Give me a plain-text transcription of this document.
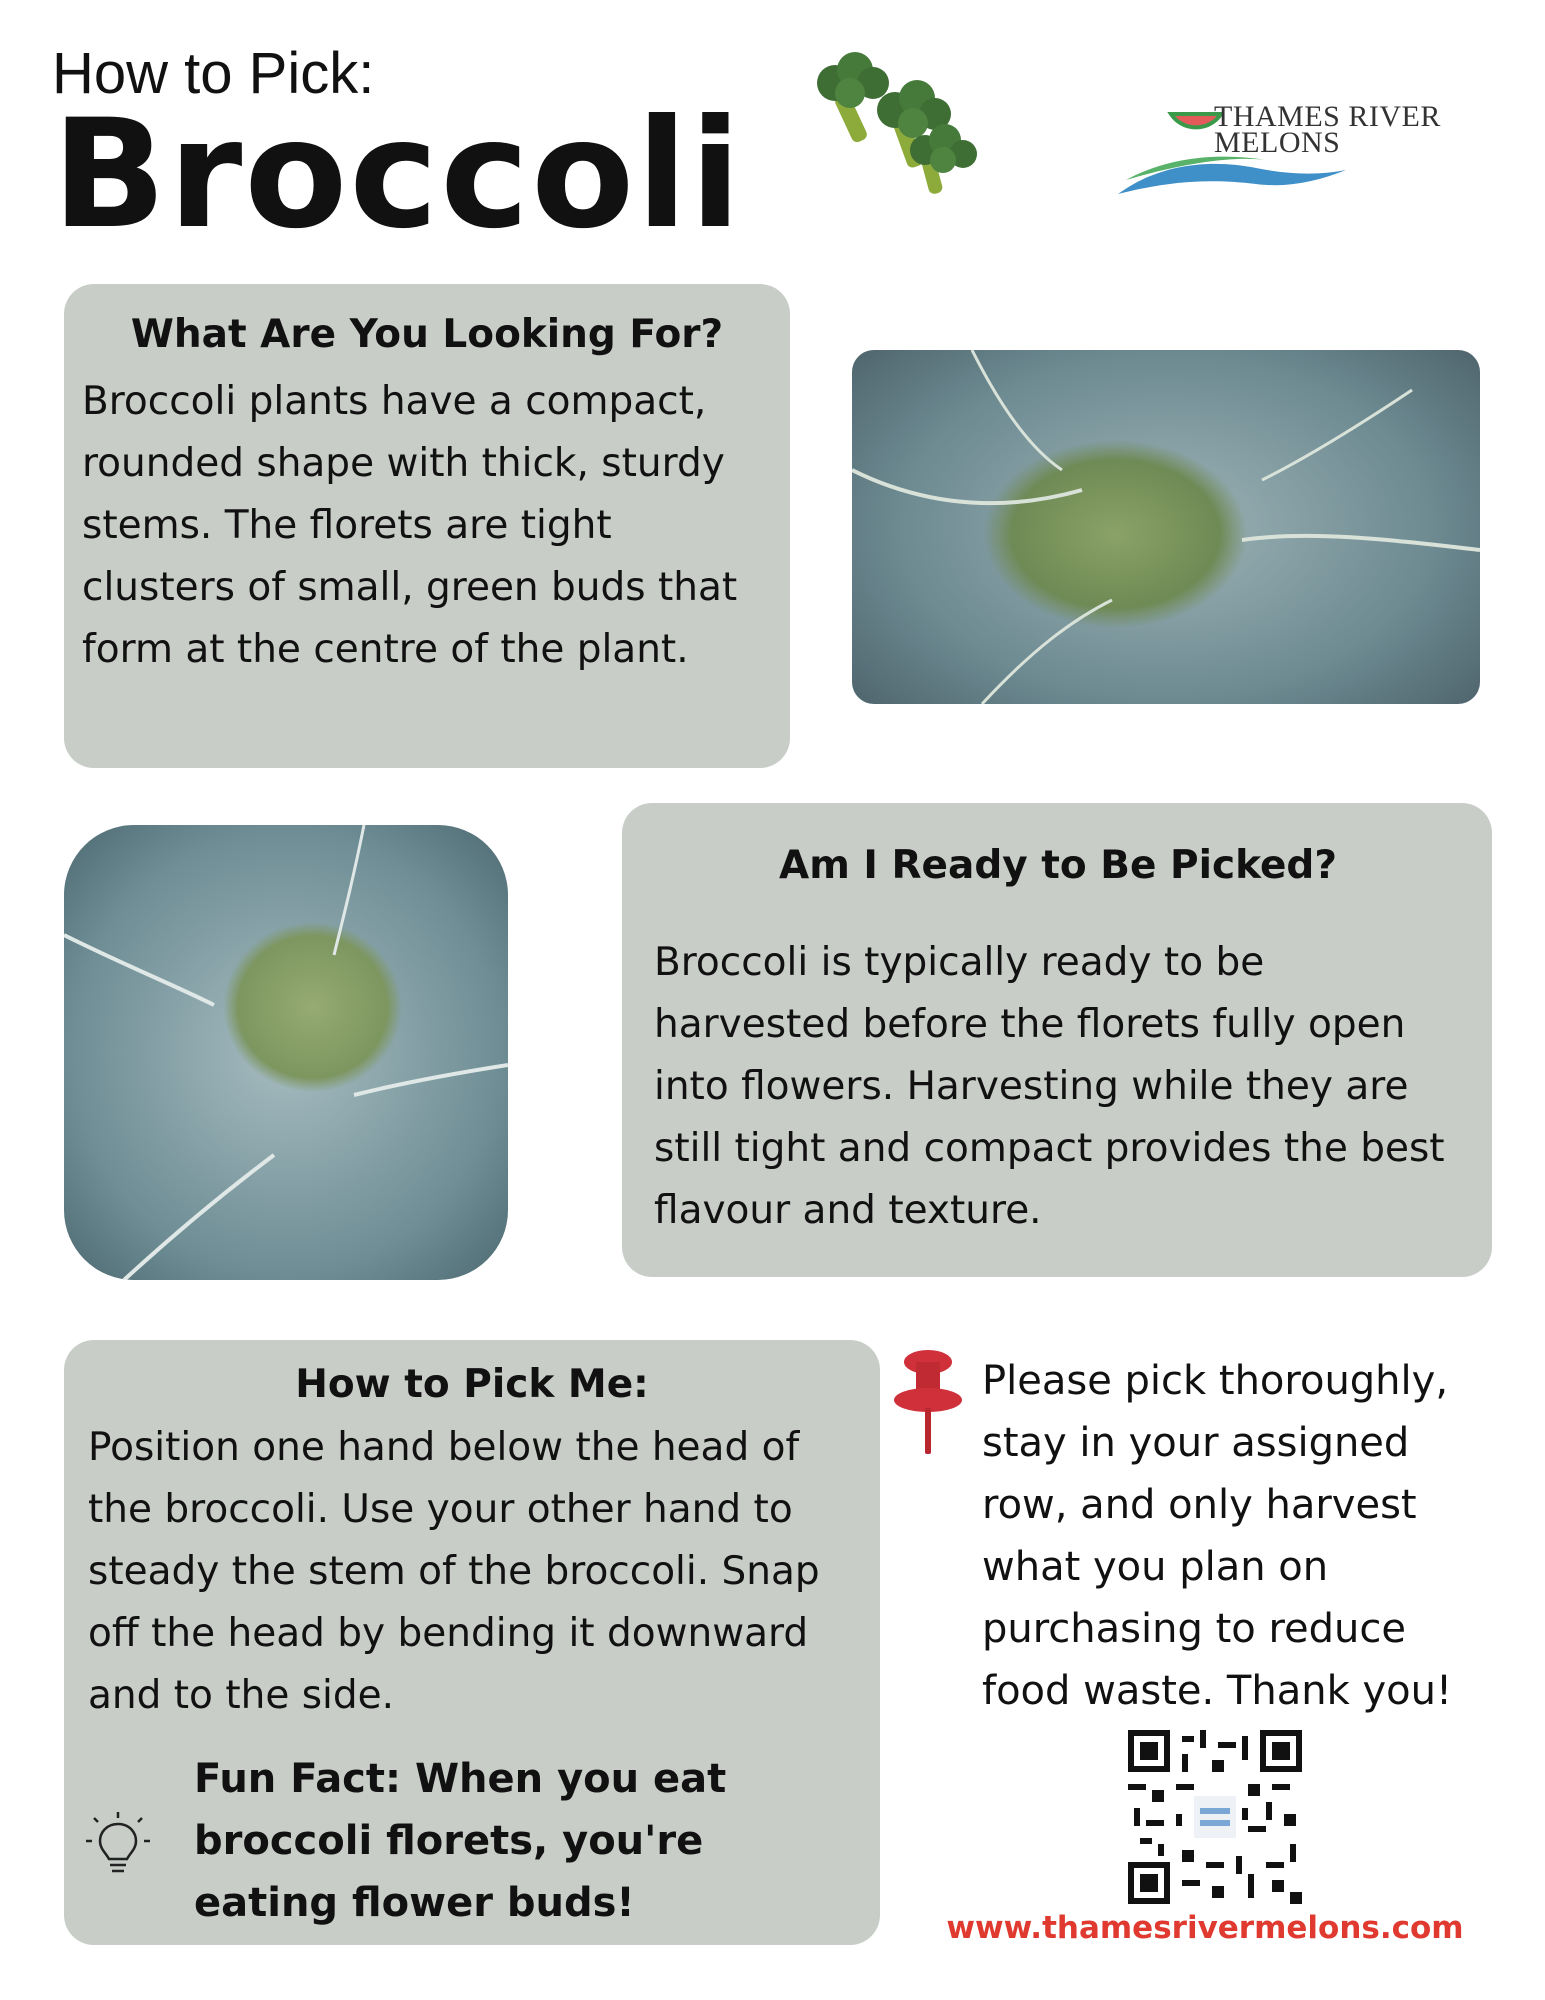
How to Pick:
Broccoli	THAMES RIVER
MELONS
What Are You Looking For?

Broccoli plants have a compact, rounded shape with thick, sturdy stems. The florets are tight clusters of small, green buds that form at the centre of the plant.

Am I Ready to Be Picked?

Broccoli is typically ready to be harvested before the florets fully open into flowers. Harvesting while they are still tight and compact provides the best flavour and texture.

How to Pick Me:

Position one hand below the head of the broccoli. Use your other hand to steady the stem of the broccoli. Snap off the head by bending it downward and to the side.

Fun Fact: When you eat broccoli florets, you're eating flower buds!
Please pick thoroughly, stay in your assigned row, and only harvest what you plan on purchasing to reduce food waste. Thank you!
www.thamesrivermelons.com
